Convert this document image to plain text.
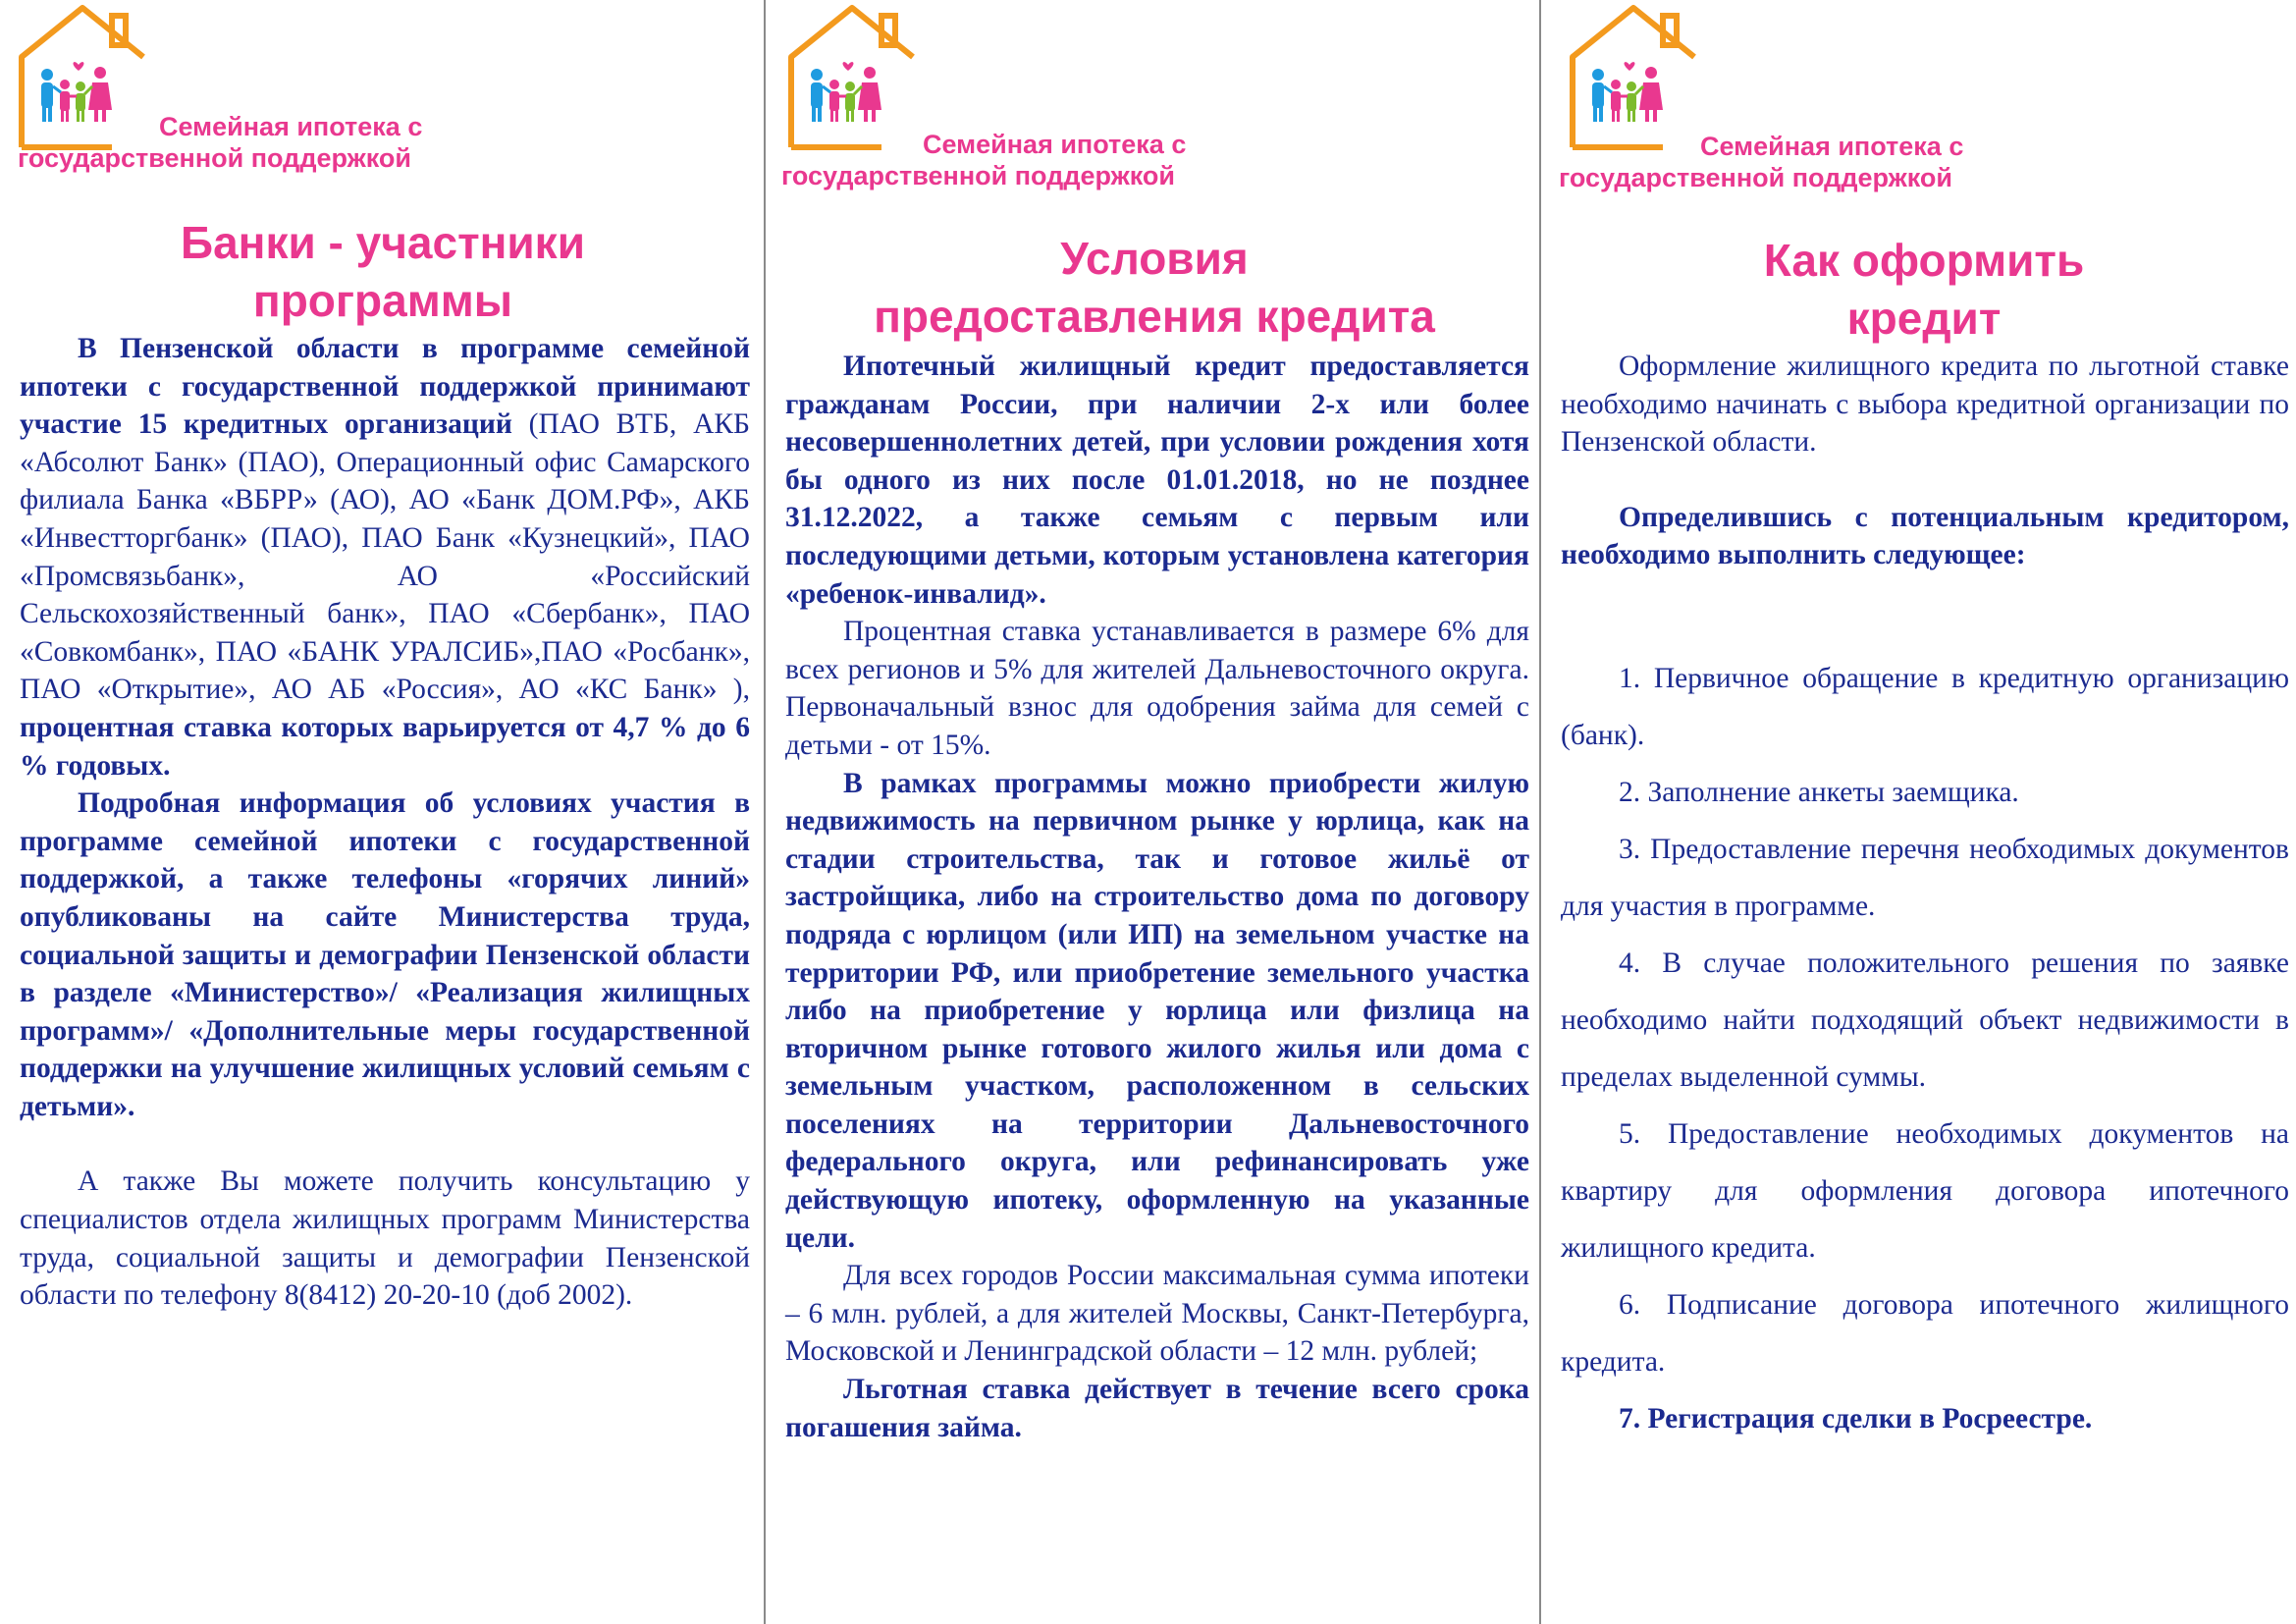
Семейная ипотека с
государственной поддержкой
Банки - участники
программы

В Пензенской области в программе семейной ипотеки с государственной поддержкой принимают участие 15 кредитных организаций (ПАО ВТБ, АКБ «Абсолют Банк» (ПАО), Операционный офис Самарского филиала Банка «ВБРР» (АО), АО «Банк ДОМ.РФ», АКБ «Инвестторгбанк» (ПАО), ПАО Банк «Кузнецкий», ПАО «Промсвязьбанк», АО «Российский Сельскохозяйственный банк», ПАО «Сбербанк», ПАО «Совкомбанк», ПАО «БАНК УРАЛСИБ»,ПАО «Росбанк», ПАО «Открытие», АО АБ «Россия», АО «КС Банк» ), процентная ставка которых варьируется от 4,7 % до 6 % годовых.

Подробная информация об условиях участия в программе семейной ипотеки с государственной поддержкой, а также телефоны «горячих линий» опубликованы на сайте Министерства труда, социальной защиты и демографии Пензенской области в разделе «Министерство»/ «Реализация жилищных программ»/ «Дополнительные меры государственной поддержки на улучшение жилищных условий семьям с детьми».

А также Вы можете получить консультацию у специалистов отдела жилищных программ Министерства труда, социальной защиты и демографии Пензенской области по телефону 8(8412) 20-20-10 (доб 2002).

Семейная ипотека с
государственной поддержкой
Условия
предоставления кредита

Ипотечный жилищный кредит предоставляется гражданам России, при наличии 2-х или более несовершеннолетних детей, при условии рождения хотя бы одного из них после 01.01.2018, но не позднее 31.12.2022, а также семьям с первым или последующими детьми, которым установлена категория «ребенок-инвалид».

Процентная ставка устанавливается в размере 6% для всех регионов и 5% для жителей Дальневосточного округа. Первоначальный взнос для одобрения займа для семей с детьми - от 15%.

В рамках программы можно приобрести жилую недвижимость на первичном рынке у юрлица, как на стадии строительства, так и готовое жильё от застройщика, либо на строительство дома по договору подряда с юрлицом (или ИП) на земельном участке на территории РФ, или приобретение земельного участка либо на приобретение у юрлица или физлица на вторичном рынке готового жилого жилья или дома с земельным участком, расположенном в сельских поселениях на территории Дальневосточного федерального округа, или рефинансировать уже действующую ипотеку, оформленную на указанные цели.

Для всех городов России максимальная сумма ипотеки – 6 млн. рублей, а для жителей Москвы, Санкт-Петербурга, Московской и Ленинградской области – 12 млн. рублей;

Льготная ставка действует в течение всего срока погашения займа.

Семейная ипотека с
государственной поддержкой
Как оформить
кредит

Оформление жилищного кредита по льготной ставке необходимо начинать с выбора кредитной организации по Пензенской области.

Определившись с потенциальным кредитором, необходимо выполнить следующее:

1. Первичное обращение в кредитную организацию (банк).

2. Заполнение анкеты заемщика.

3. Предоставление перечня необходимых документов для участия в программе.

4. В случае положительного решения по заявке необходимо найти подходящий объект недвижимости в пределах выделенной суммы.

5. Предоставление необходимых документов на квартиру для оформления договора ипотечного жилищного кредита.

6. Подписание договора ипотечного жилищного кредита.

7. Регистрация сделки в Росреестре.
